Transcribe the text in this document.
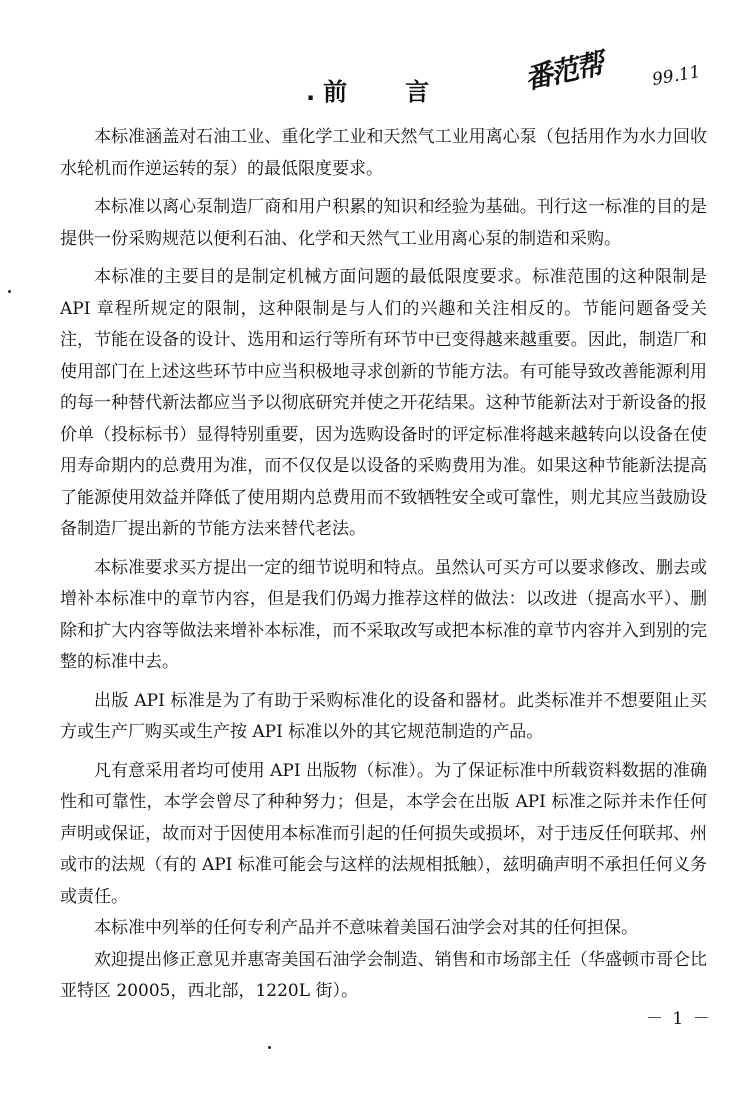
. 前 言	番范帮	99.11

本标准涵盖对石油工业、重化学工业和天然气工业用离心泵（包括用作为水力回收水轮机而作逆运转的泵）的最低限度要求。

本标准以离心泵制造厂商和用户积累的知识和经验为基础。刊行这一标准的目的是提供一份采购规范以便利石油、化学和天然气工业用离心泵的制造和采购。

本标准的主要目的是制定机械方面问题的最低限度要求。标准范围的这种限制是 API 章程所规定的限制，这种限制是与人们的兴趣和关注相反的。节能问题备受关注，节能在设备的设计、选用和运行等所有环节中已变得越来越重要。因此，制造厂和使用部门在上述这些环节中应当积极地寻求创新的节能方法。有可能导致改善能源利用的每一种替代新法都应当予以彻底研究并使之开花结果。这种节能新法对于新设备的报价单（投标标书）显得特别重要，因为选购设备时的评定标准将越来越转向以设备在使用寿命期内的总费用为准，而不仅仅是以设备的采购费用为准。如果这种节能新法提高了能源使用效益并降低了使用期内总费用而不致牺牲安全或可靠性，则尤其应当鼓励设备制造厂提出新的节能方法来替代老法。

本标准要求买方提出一定的细节说明和特点。虽然认可买方可以要求修改、删去或增补本标准中的章节内容，但是我们仍竭力推荐这样的做法：以改进（提高水平）、删除和扩大内容等做法来增补本标准，而不采取改写或把本标准的章节内容并入到别的完整的标准中去。

出版 API 标准是为了有助于采购标准化的设备和器材。此类标准并不想要阻止买方或生产厂购买或生产按 API 标准以外的其它规范制造的产品。

凡有意采用者均可使用 API 出版物（标准）。为了保证标准中所载资料数据的准确性和可靠性，本学会曾尽了种种努力；但是，本学会在出版 API 标准之际并未作任何声明或保证，故而对于因使用本标准而引起的任何损失或损坏，对于违反任何联邦、州或市的法规（有的 API 标准可能会与这样的法规相抵触），兹明确声明不承担任何义务或责任。

本标准中列举的任何专利产品并不意味着美国石油学会对其的任何担保。

欢迎提出修正意见并惠寄美国石油学会制造、销售和市场部主任（华盛顿市哥仑比亚特区 20005，西北部，1220L 街）。

－ 1 －
